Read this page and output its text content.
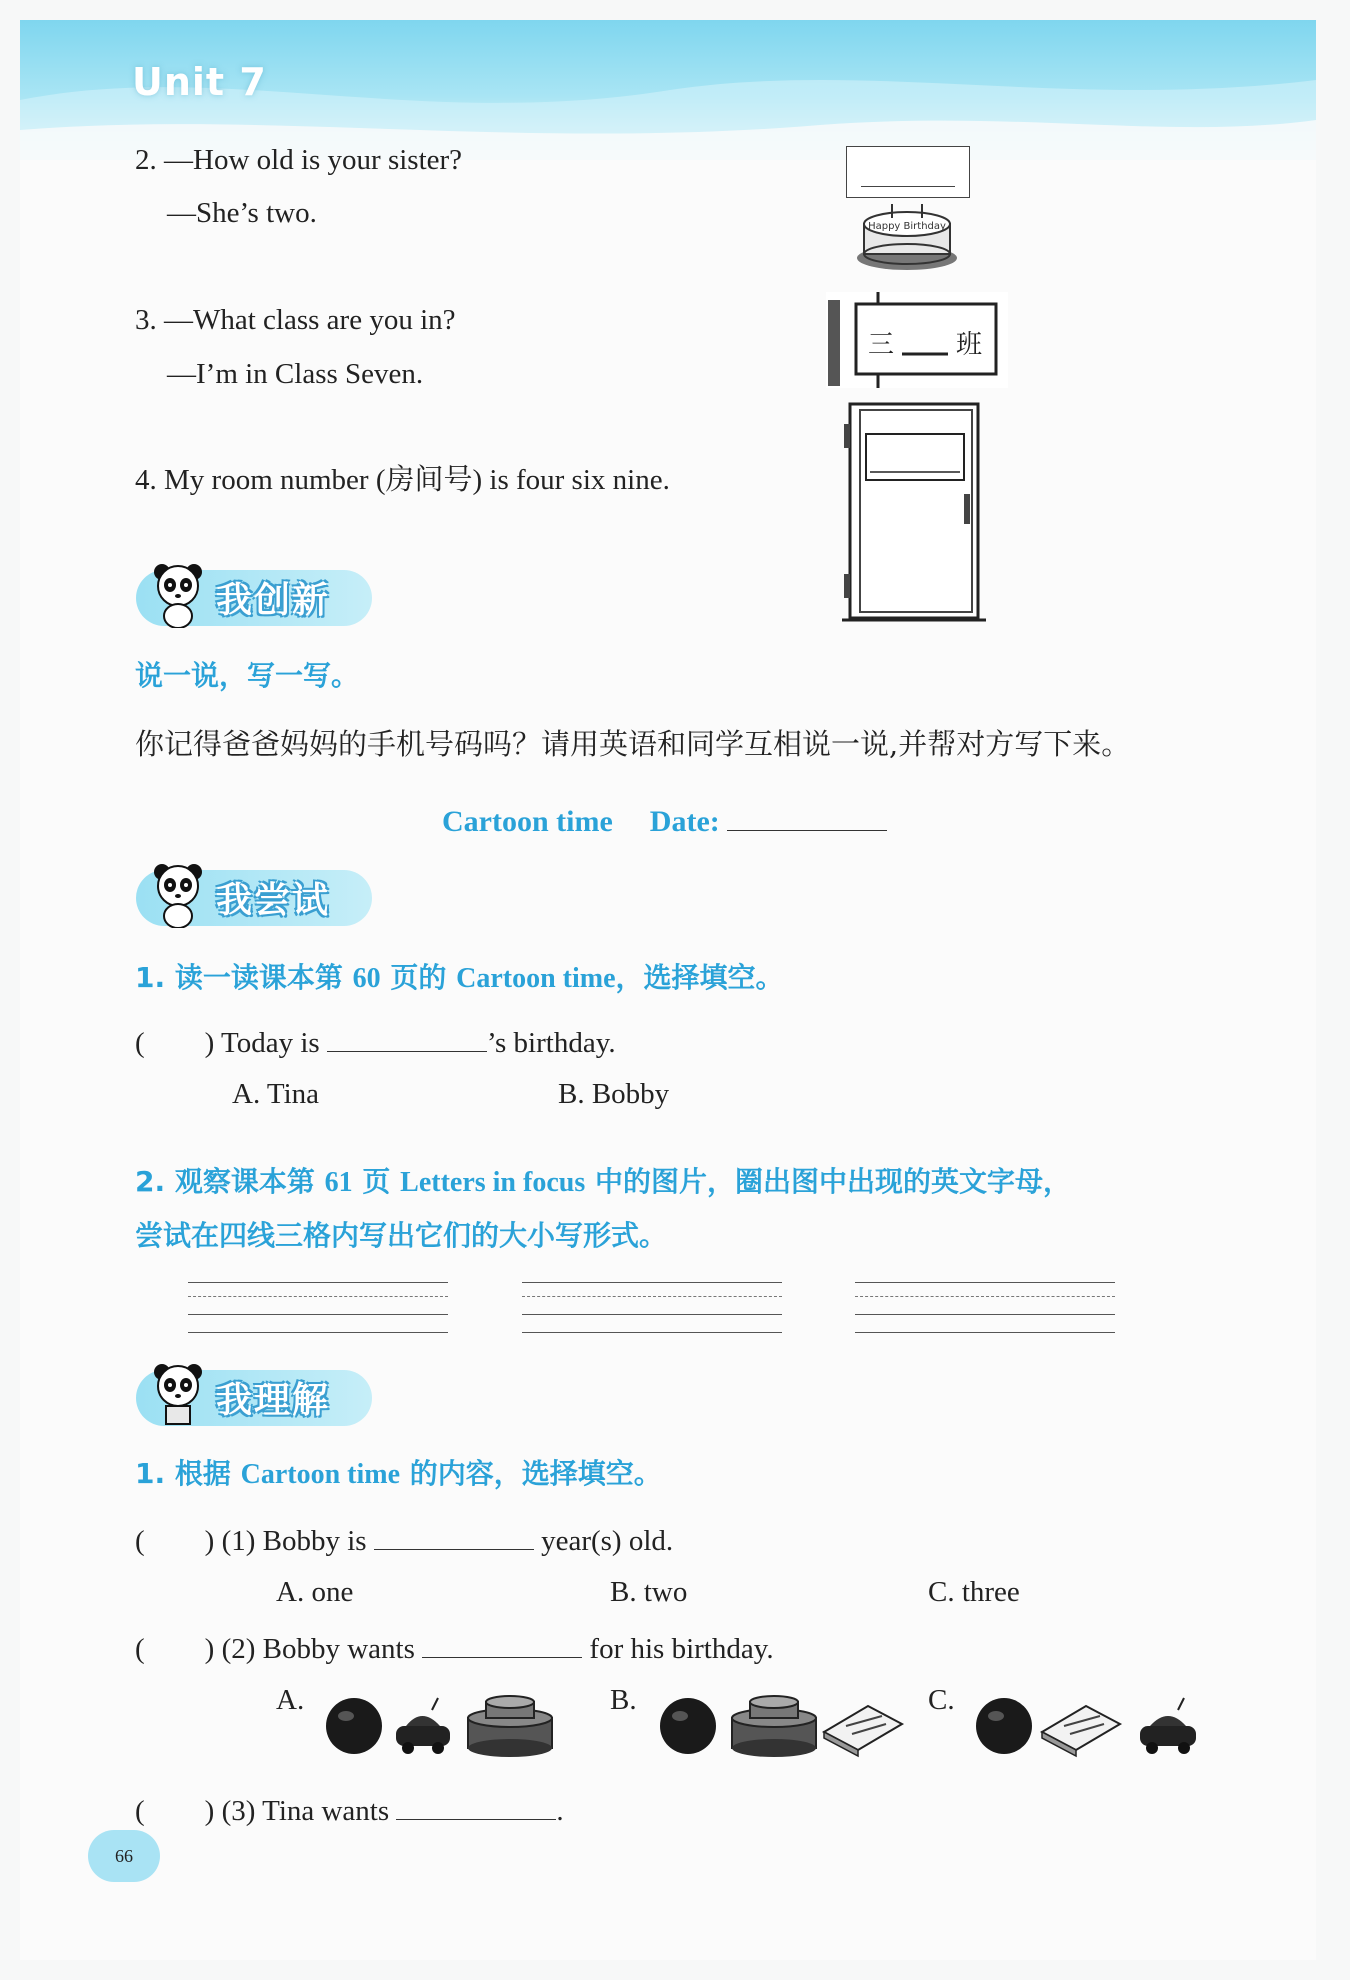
Unit 7
2. —How old is your sister?
—She’s two.
3. —What class are you in?
—I’m in Class Seven.
4. My room number (房间号) is four six nine.
Happy Birthday
三 班
我创新
说一说，写一写。
你记得爸爸妈妈的手机号码吗？请用英语和同学互相说一说,并帮对方写下来。
Cartoon time Date:
我尝试
1. 读一读课本第 60 页的 Cartoon time，选择填空。
( ) Today is	’s birthday.
A. Tina	B. Bobby
2. 观察课本第 61 页 Letters in focus 中的图片，圈出图中出现的英文字母，
尝试在四线三格内写出它们的大小写形式。
我理解
1. 根据 Cartoon time 的内容，选择填空。
( ) (1) Bobby is	year(s) old.
A. one	B. two	C. three
( ) (2) Bobby wants	for his birthday.
A.	B.	C.
( ) (3) Tina wants	.
66
